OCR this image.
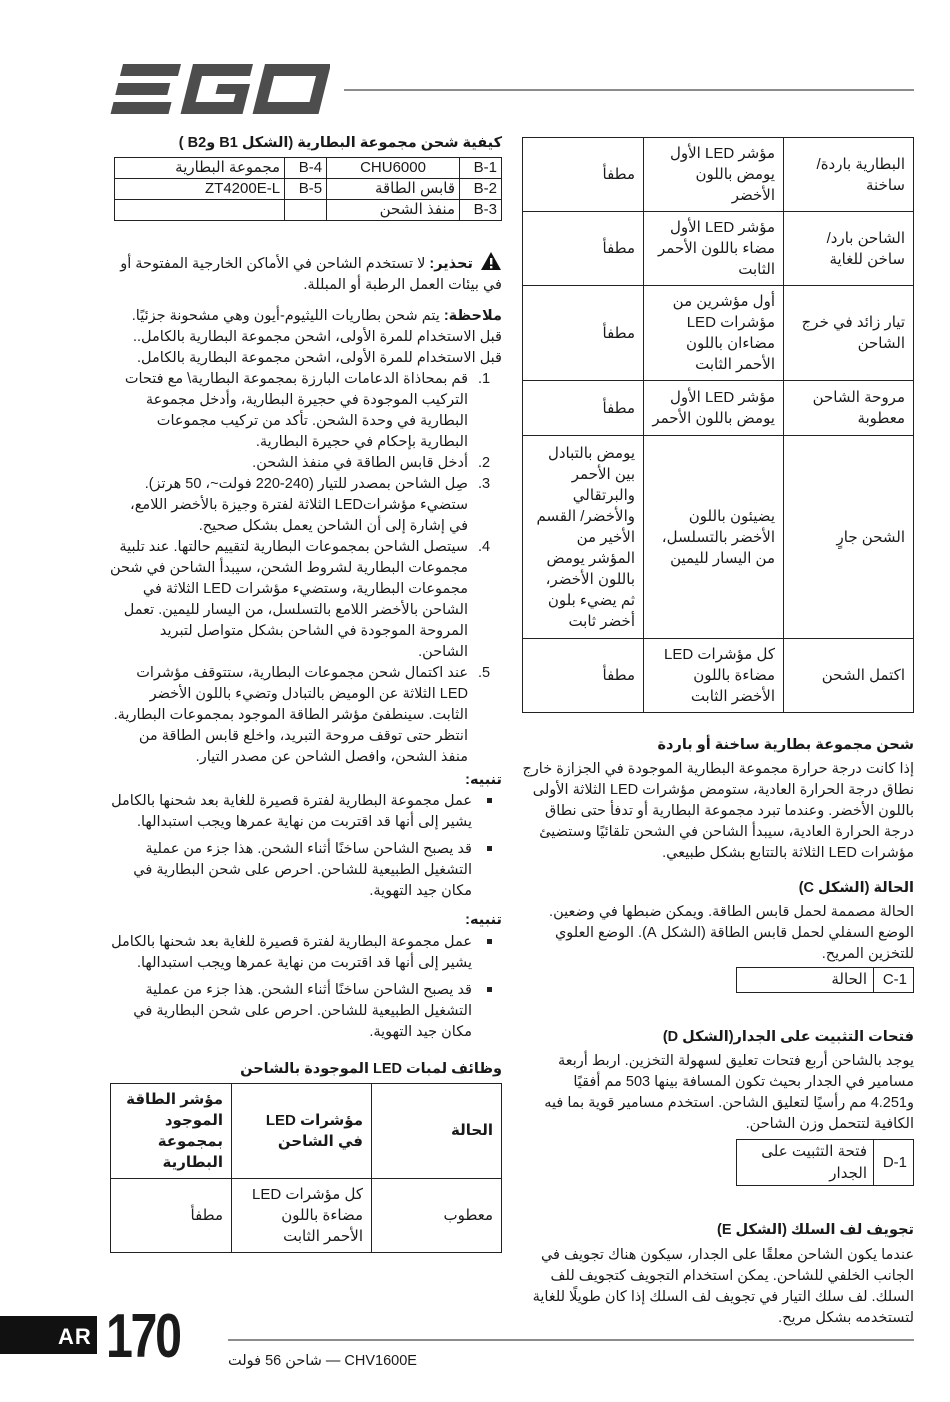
كيفية شحن مجموعة البطارية (الشكل B1 وB2 )
B-1	CHU6000	B-4	مجموعة البطارية
B-2	قابس الطاقة	B-5	ZT4200E-L
B-3	منفذ الشحن		

تحذير: لا تستخدم الشاحن في الأماكن الخارجية المفتوحة أو في بيئات العمل الرطبة أو المبللة.

ملاحظة: يتم شحن بطاريات الليثيوم-أيون وهي مشحونة جزئيًا. قبل الاستخدام للمرة الأولى، اشحن مجموعة البطارية بالكامل.. قبل الاستخدام للمرة الأولى، اشحن مجموعة البطارية بالكامل.

1.
قم بمحاذاة الدعامات البارزة بمجموعة البطارية\ مع فتحات التركيب الموجودة في حجيرة البطارية، وأدخل مجموعة البطارية في وحدة الشحن. تأكد من تركيب مجموعات البطارية بإحكام في حجيرة البطارية.
2.
أدخل قابس الطاقة في منفذ الشحن.
3.
صِل الشاحن بمصدر للتيار (240-220 فولت~، 50 هرتز). ستضيء مؤشراتLED الثلاثة لفترة وجيزة بالأخضر اللامع، في إشارة إلى أن الشاحن يعمل بشكل صحيح.
4.
سيتصل الشاحن بمجموعات البطارية لتقييم حالتها. عند تلبية مجموعات البطارية لشروط الشحن، سيبدأ الشاحن في شحن مجموعات البطارية، وستضيء مؤشرات LED الثلاثة في الشاحن بالأخضر اللامع بالتسلسل، من اليسار لليمين. تعمل المروحة الموجودة في الشاحن بشكل متواصل لتبريد الشاحن.
5.
عند اكتمال شحن مجموعات البطارية، ستتوقف مؤشرات LED الثلاثة عن الوميض بالتبادل وتضيء باللون الأخضر الثابت. سينطفئ مؤشر الطاقة الموجود بمجموعات البطارية. انتظر حتى توقف مروحة التبريد، واخلع قابس الطاقة من منفذ الشحن، وافصل الشاحن عن مصدر التيار.

تنبيه:

عمل مجموعة البطارية لفترة قصيرة للغاية بعد شحنها بالكامل يشير إلى أنها قد اقتربت من نهاية عمرها ويجب استبدالها.
قد يصبح الشاحن ساخنًا أثناء الشحن. هذا جزء من عملية التشغيل الطبيعية للشاحن. احرص على شحن البطارية في مكان جيد التهوية.

تنبيه:

عمل مجموعة البطارية لفترة قصيرة للغاية بعد شحنها بالكامل يشير إلى أنها قد اقتربت من نهاية عمرها ويجب استبدالها.
قد يصبح الشاحن ساخنًا أثناء الشحن. هذا جزء من عملية التشغيل الطبيعية للشاحن. احرص على شحن البطارية في مكان جيد التهوية.
وظائف لمبات LED الموجودة بالشاحن
الحالة	مؤشرات LED في الشاحن	مؤشر الطاقة الموجود بمجموعة البطارية
معطوب	كل مؤشرات LED مضاءة باللون الأحمر الثابت	مطفأ
البطارية باردة/ ساخنة	مؤشر LED الأول يومض باللون الأخضر	مطفأ
الشاحن بارد/ساخن للغاية	مؤشر LED الأول مضاء باللون الأحمر الثابت	مطفأ
تيار زائد في خرج الشاحن	أول مؤشرين من مؤشرات LED مضاءان باللون الأحمر الثابت	مطفأ
مروحة الشاحن معطوبة	مؤشر LED الأول يومض باللون الأحمر	مطفأ
الشحن جارٍ	يضيئون باللون الأخضر بالتسلسل، من اليسار لليمين	يومض بالتبادل بين الأحمر والبرتقالي والأخضر/ القسم الأخير من المؤشر يومض باللون الأخضر، ثم يضيء بلون أخضر ثابت
اكتمل الشحن	كل مؤشرات LED مضاءة باللون الأخضر الثابت	مطفأ
شحن مجموعة بطارية ساخنة أو باردة

إذا كانت درجة حرارة مجموعة البطارية الموجودة في الجزازة خارج نطاق درجة الحرارة العادية، ستومض مؤشرات LED الثلاثة الأولى باللون الأخضر. وعندما تبرد مجموعة البطارية أو تدفأ حتى نطاق درجة الحرارة العادية، سيبدأ الشاحن في الشحن تلقائيًا وستضيئ مؤشرات LED الثلاثة بالتتابع بشكل طبيعي.

الحالة (الشكل C)

الحالة مصممة لحمل قابس الطاقة. ويمكن ضبطها في وضعين. الوضع السفلي لحمل قابس الطاقة (الشكل A). الوضع العلوي للتخزين المريح.

C-1	الحالة
فتحات التثبيت على الجدار(الشكل D)

يوجد بالشاحن أربع فتحات تعليق لسهولة التخزين. اربط أربعة مسامير في الجدار بحيث تكون المسافة بينها 503 مم أفقيًا و4.251 مم رأسيًا لتعليق الشاحن. استخدم مسامير قوية بما فيه الكافية لتتحمل وزن الشاحن.

D-1	فتحة التثبيت على الجدار
تجويف لف السلك (الشكل E)

عندما يكون الشاحن معلقًا على الجدار، سيكون هناك تجويف في الجانب الخلفي للشاحن. يمكن استخدام التجويف كتجويف للف السلك. لف سلك التيار في تجويف لف السلك إذا كان طويلًا للغاية لتستخدمه بشكل مريح.

AR 170	CHV1600E — شاحن 56 فولت
